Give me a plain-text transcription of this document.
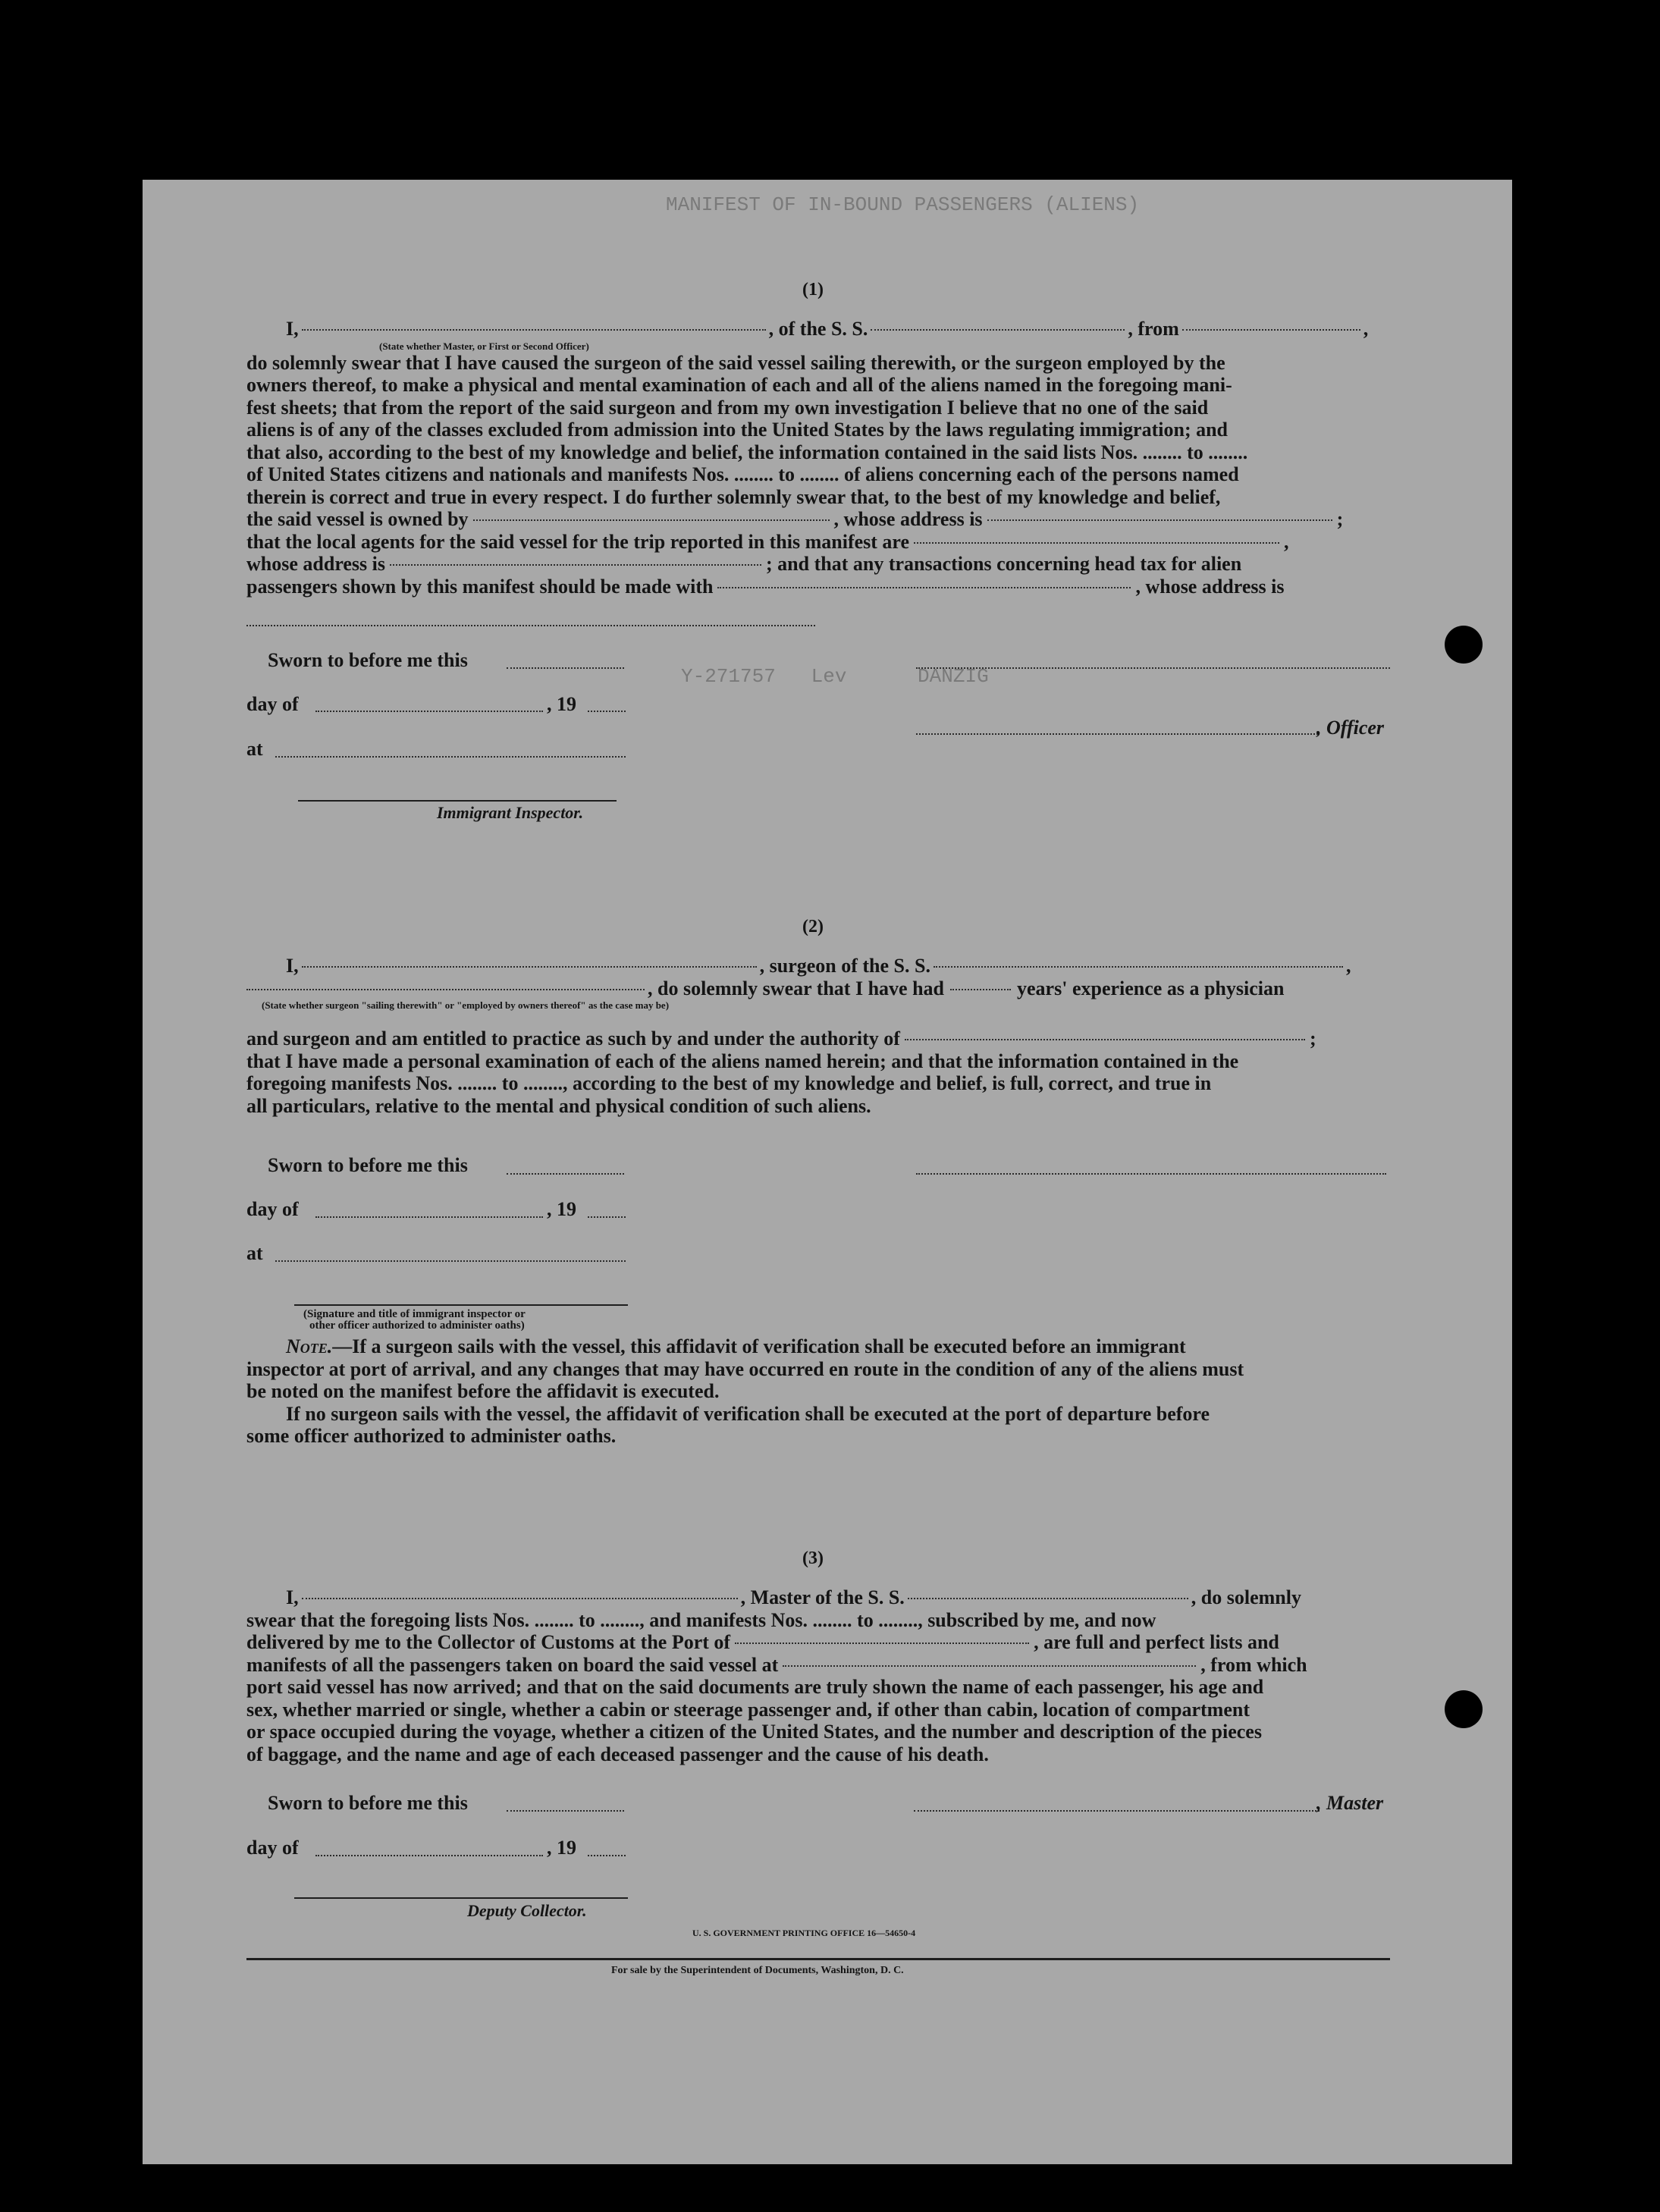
MANIFEST OF IN-BOUND PASSENGERS (ALIENS)
Y-271757   Lev      DANZIG
(1)
I,	, of the S. S.	, from	,
(State whether Master, or First or Second Officer)
do solemnly swear that I have caused the surgeon of the said vessel sailing therewith, or the surgeon employed by the
owners thereof, to make a physical and mental examination of each and all of the aliens named in the foregoing mani-
fest sheets; that from the report of the said surgeon and from my own investigation I believe that no one of the said
aliens is of any of the classes excluded from admission into the United States by the laws regulating immigration; and
that also, according to the best of my knowledge and belief, the information contained in the said lists Nos. ........ to ........
of United States citizens and nationals and manifests Nos. ........ to ........ of aliens concerning each of the persons named
therein is correct and true in every respect. I do further solemnly swear that, to the best of my knowledge and belief,
the said vessel is owned by	, whose address is	;
that the local agents for the said vessel for the trip reported in this manifest are	,
whose address is	; and that any transactions concerning head tax for alien
passengers shown by this manifest should be made with	, whose address is
Sworn to before me this
day of	, 19
, Officer
at
Immigrant Inspector.
(2)
I,	, surgeon of the S. S.	,
, do solemnly swear that I have had	years' experience as a physician
(State whether surgeon "sailing therewith" or "employed by owners thereof" as the case may be)
and surgeon and am entitled to practice as such by and under the authority of	;
that I have made a personal examination of each of the aliens named herein; and that the information contained in the
foregoing manifests Nos. ........ to ........, according to the best of my knowledge and belief, is full, correct, and true in
all particulars, relative to the mental and physical condition of such aliens.
Sworn to before me this
day of	, 19
at
(Signature and title of immigrant inspector or
other officer authorized to administer oaths)
Note.—If a surgeon sails with the vessel, this affidavit of verification shall be executed before an immigrant
inspector at port of arrival, and any changes that may have occurred en route in the condition of any of the aliens must
be noted on the manifest before the affidavit is executed.
If no surgeon sails with the vessel, the affidavit of verification shall be executed at the port of departure before
some officer authorized to administer oaths.
(3)
I,	, Master of the S. S.	, do solemnly
swear that the foregoing lists Nos. ........ to ........, and manifests Nos. ........ to ........, subscribed by me, and now
delivered by me to the Collector of Customs at the Port of	, are full and perfect lists and
manifests of all the passengers taken on board the said vessel at	, from which
port said vessel has now arrived; and that on the said documents are truly shown the name of each passenger, his age and
sex, whether married or single, whether a cabin or steerage passenger and, if other than cabin, location of compartment
or space occupied during the voyage, whether a citizen of the United States, and the number and description of the pieces
of baggage, and the name and age of each deceased passenger and the cause of his death.
Sworn to before me this	, Master
day of	, 19
Deputy Collector.
U. S. GOVERNMENT PRINTING OFFICE 16—54650-4
For sale by the Superintendent of Documents, Washington, D. C.
